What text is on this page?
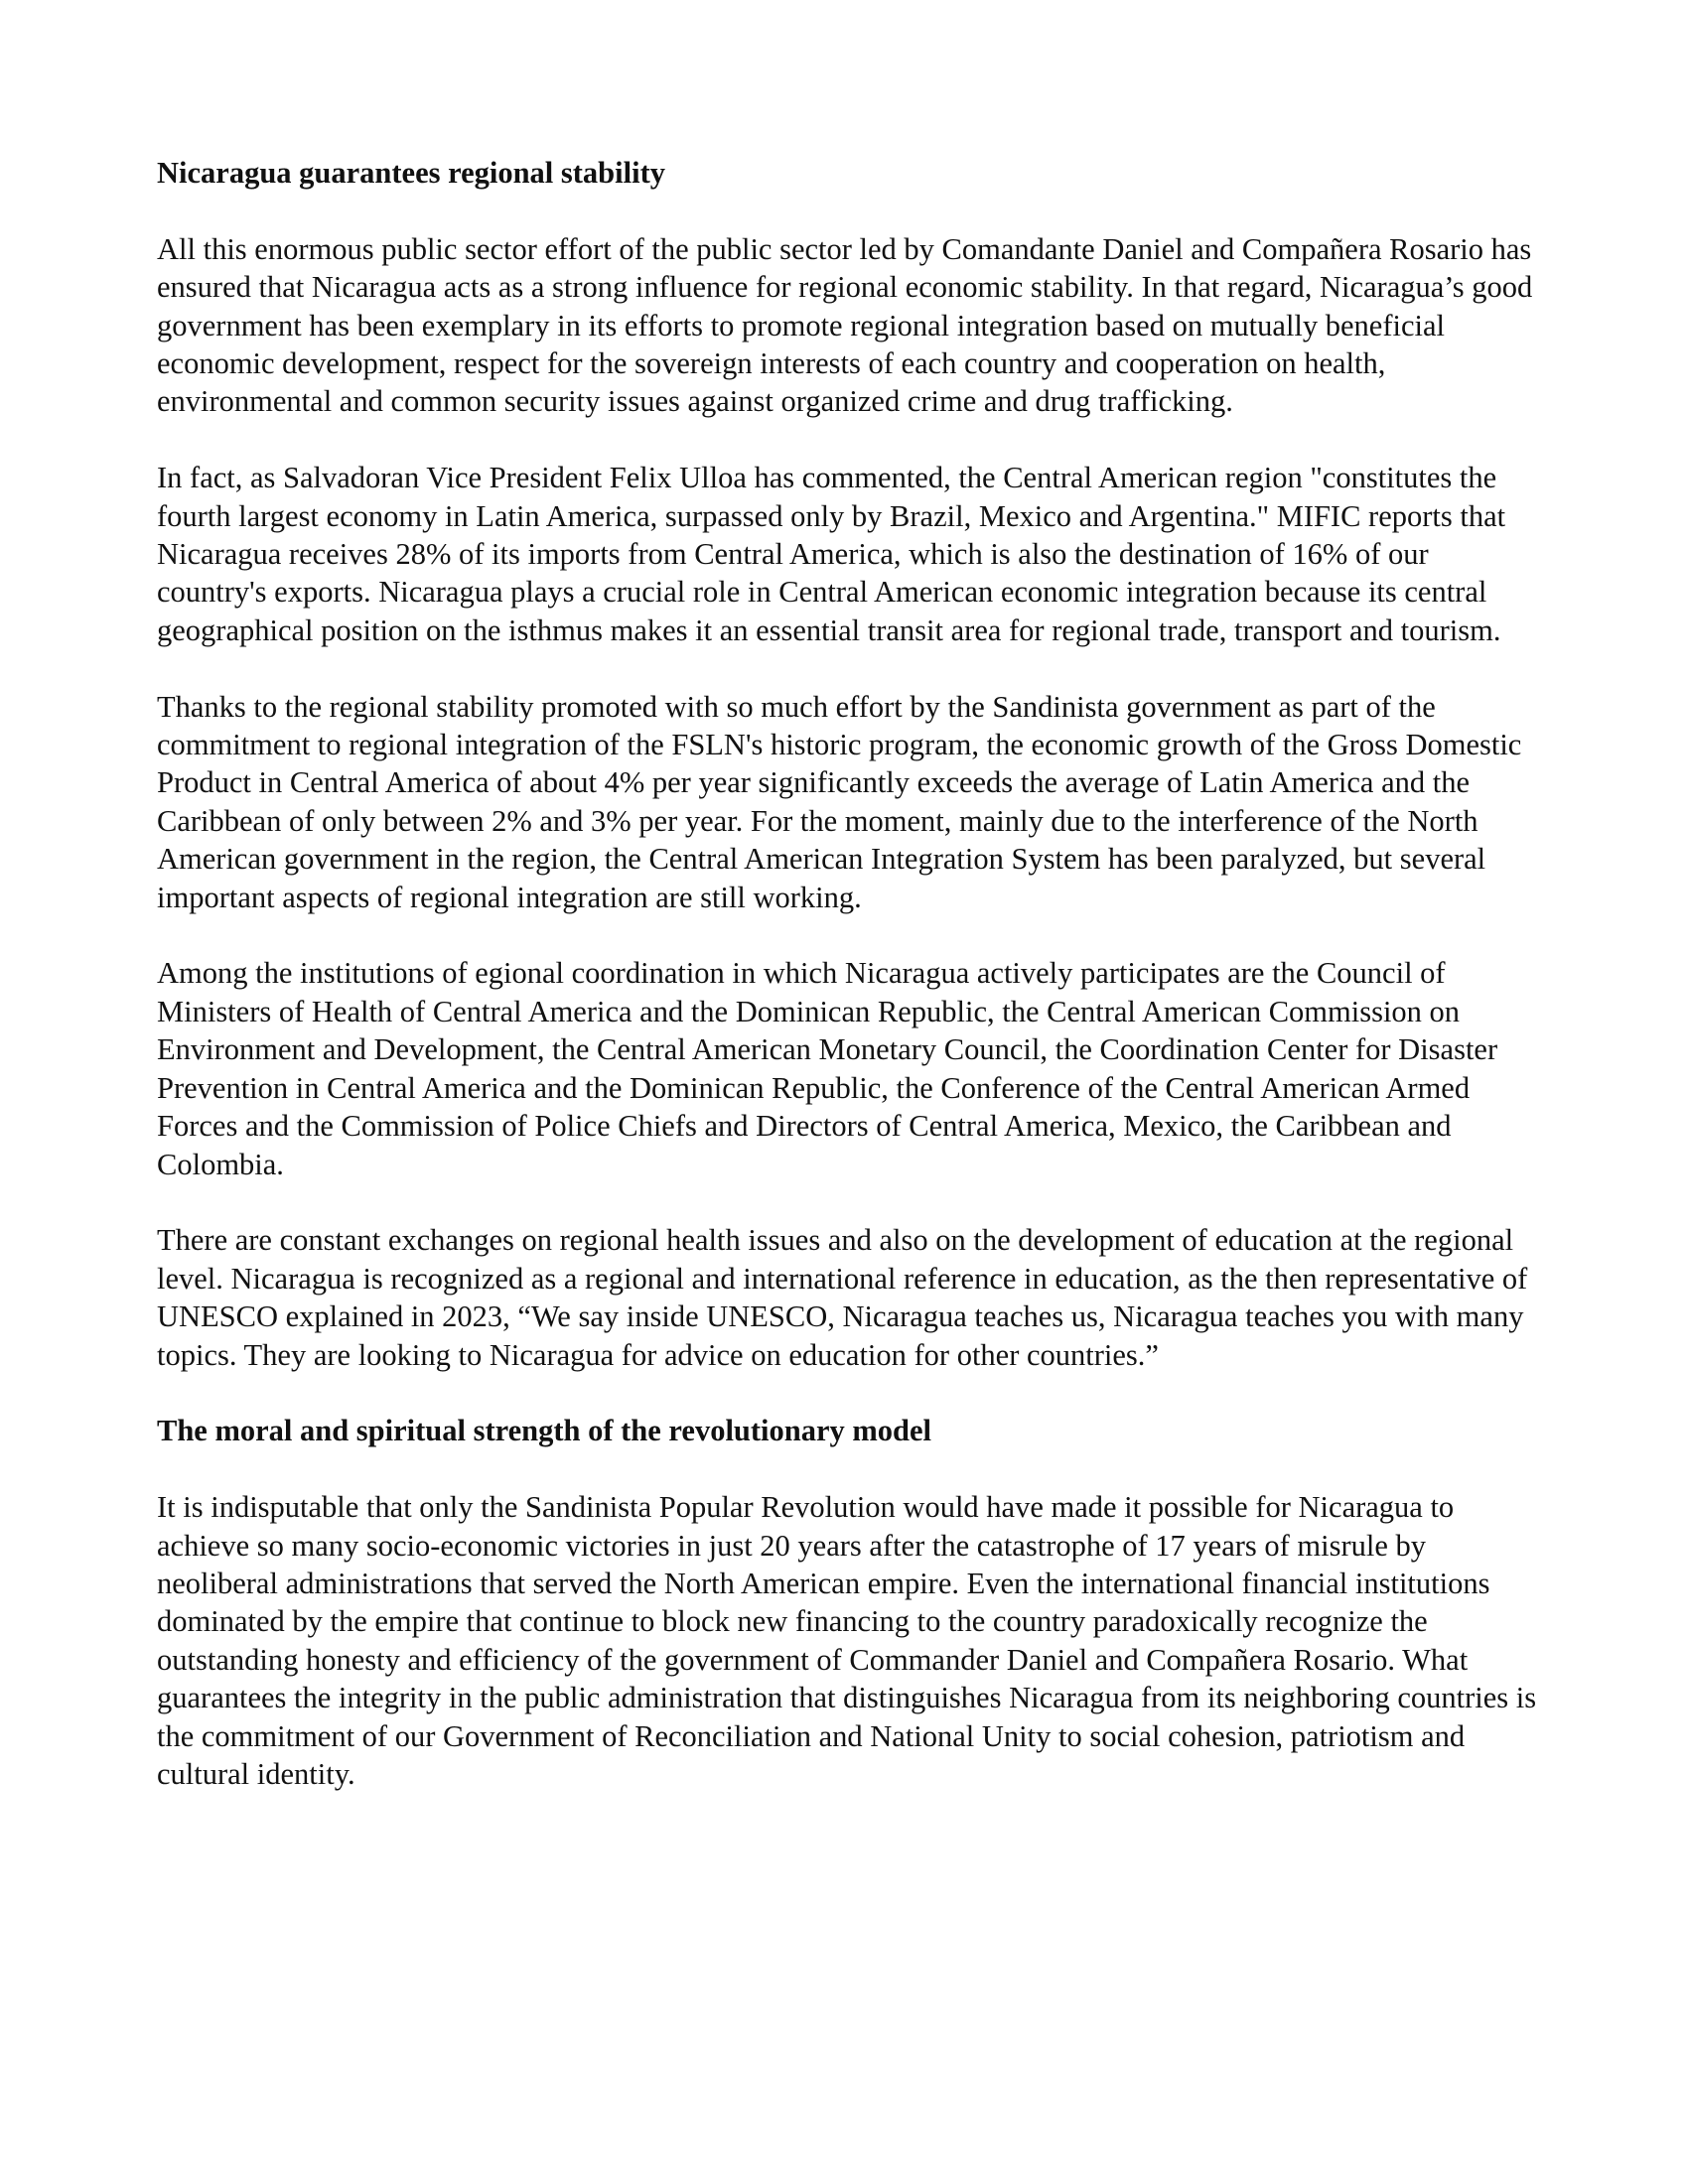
Nicaragua guarantees regional stability

All this enormous public sector effort of the public sector led by Comandante Daniel and Compañera Rosario has ensured that Nicaragua acts as a strong influence for regional economic stability. In that regard, Nicaragua’s good government has been exemplary in its efforts to promote regional integration based on mutually beneficial economic development, respect for the sovereign interests of each country and cooperation on health, environmental and common security issues against organized crime and drug trafficking.

In fact, as Salvadoran Vice President Felix Ulloa has commented, the Central American region "constitutes the fourth largest economy in Latin America, surpassed only by Brazil, Mexico and Argentina." MIFIC reports that Nicaragua receives 28% of its imports from Central America, which is also the destination of 16% of our country's exports. Nicaragua plays a crucial role in Central American economic integration because its central geographical position on the isthmus makes it an essential transit area for regional trade, transport and tourism.

Thanks to the regional stability promoted with so much effort by the Sandinista government as part of the commitment to regional integration of the FSLN's historic program, the economic growth of the Gross Domestic Product in Central America of about 4% per year significantly exceeds the average of Latin America and the Caribbean of only between 2% and 3% per year. For the moment, mainly due to the interference of the North American government in the region, the Central American Integration System has been paralyzed, but several important aspects of regional integration are still working.

Among the institutions of egional coordination in which Nicaragua actively participates are the Council of Ministers of Health of Central America and the Dominican Republic, the Central American Commission on Environment and Development, the Central American Monetary Council, the Coordination Center for Disaster Prevention in Central America and the Dominican Republic, the Conference of the Central American Armed Forces and the Commission of Police Chiefs and Directors of Central America, Mexico, the Caribbean and Colombia.

There are constant exchanges on regional health issues and also on the development of education at the regional level. Nicaragua is recognized as a regional and international reference in education, as the then representative of UNESCO explained in 2023, “We say inside UNESCO, Nicaragua teaches us, Nicaragua teaches you with many topics. They are looking to Nicaragua for advice on education for other countries.”

The moral and spiritual strength of the revolutionary model

It is indisputable that only the Sandinista Popular Revolution would have made it possible for Nicaragua to achieve so many socio-economic victories in just 20 years after the catastrophe of 17 years of misrule by neoliberal administrations that served the North American empire. Even the international financial institutions dominated by the empire that continue to block new financing to the country paradoxically recognize the outstanding honesty and efficiency of the government of Commander Daniel and Compañera Rosario. What guarantees the integrity in the public administration that distinguishes Nicaragua from its neighboring countries is the commitment of our Government of Reconciliation and National Unity to social cohesion, patriotism and cultural identity.
